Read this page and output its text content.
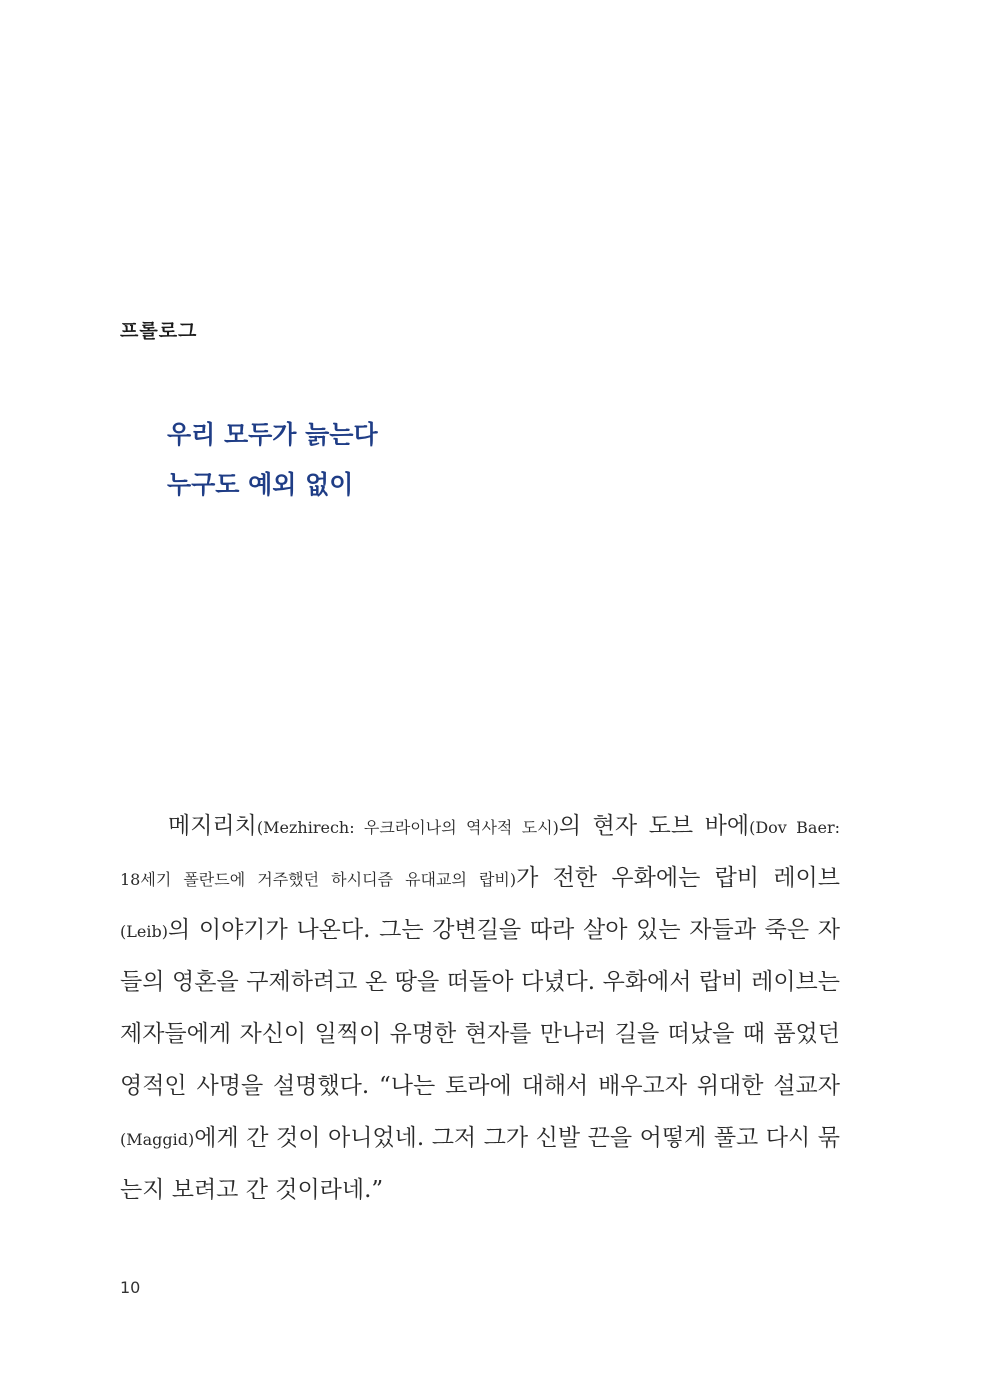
프롤로그
우리 모두가 늙는다
누구도 예외 없이
메지리치(Mezhirech: 우크라이나의 역사적 도시)의 현자 도브 바에(Dov Baer:
18세기 폴란드에 거주했던 하시디즘 유대교의 랍비)가 전한 우화에는 랍비 레이브
(Leib)의 이야기가 나온다. 그는 강변길을 따라 살아 있는 자들과 죽은 자
들의 영혼을 구제하려고 온 땅을 떠돌아 다녔다. 우화에서 랍비 레이브는
제자들에게 자신이 일찍이 유명한 현자를 만나러 길을 떠났을 때 품었던
영적인 사명을 설명했다. “나는 토라에 대해서 배우고자 위대한 설교자
(Maggid)에게 간 것이 아니었네. 그저 그가 신발 끈을 어떻게 풀고 다시 묶
는지 보려고 간 것이라네.”
10
